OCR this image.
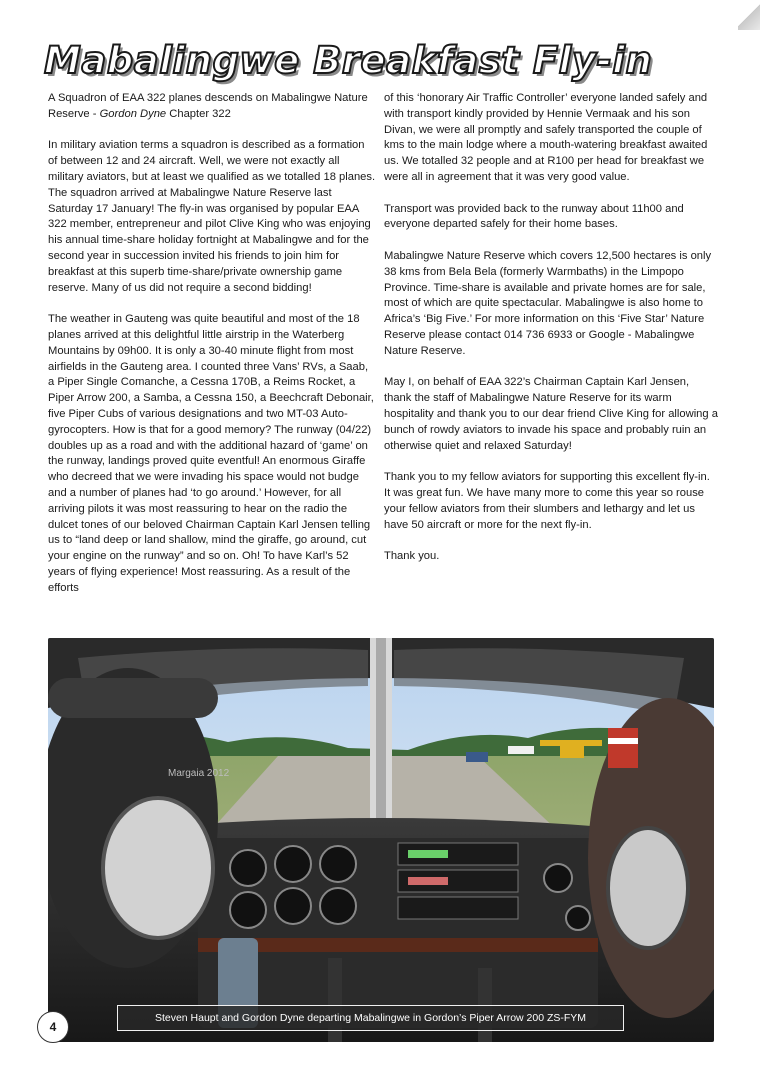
Mabalingwe Breakfast Fly-in

A Squadron of EAA 322 planes descends on Mabalingwe Nature Reserve - Gordon Dyne Chapter 322

In military aviation terms a squadron is described as a formation of between 12 and 24 aircraft. Well, we were not exactly all military aviators, but at least we qualified as we totalled 18 planes. The squadron arrived at Mabalingwe Nature Reserve last Saturday 17 January! The fly-in was organised by popular EAA 322 member, entrepreneur and pilot Clive King who was enjoying his annual time-share holiday fortnight at Mabalingwe and for the second year in succession invited his friends to join him for breakfast at this superb time-share/private ownership game reserve. Many of us did not require a second bidding!

The weather in Gauteng was quite beautiful and most of the 18 planes arrived at this delightful little airstrip in the Waterberg Mountains by 09h00. It is only a 30-40 minute flight from most airfields in the Gauteng area. I counted three Vans’ RVs, a Saab, a Piper Single Comanche, a Cessna 170B, a Reims Rocket, a Piper Arrow 200, a Samba, a Cessna 150, a Beechcraft Debonair, five Piper Cubs of various designations and two MT-03 Auto-gyrocopters. How is that for a good memory? The runway (04/22) doubles up as a road and with the additional hazard of ‘game’ on the runway, landings proved quite eventful! An enormous Giraffe who decreed that we were invading his space would not budge and a number of planes had ‘to go around.’ However, for all arriving pilots it was most reassuring to hear on the radio the dulcet tones of our beloved Chairman Captain Karl Jensen telling us to “land deep or land shallow, mind the giraffe, go around, cut your engine on the runway” and so on. Oh! To have Karl’s 52 years of flying experience! Most reassuring. As a result of the efforts

of this ‘honorary Air Traffic Controller’ everyone landed safely and with transport kindly provided by Hennie Vermaak and his son Divan, we were all promptly and safely transported the couple of kms to the main lodge where a mouth-watering breakfast awaited us. We totalled 32 people and at R100 per head for breakfast we were all in agreement that it was very good value.

Transport was provided back to the runway about 11h00 and everyone departed safely for their home bases.

Mabalingwe Nature Reserve which covers 12,500 hectares is only 38 kms from Bela Bela (formerly Warmbaths) in the Limpopo Province. Time-share is available and private homes are for sale, most of which are quite spectacular. Mabalingwe is also home to Africa’s ‘Big Five.’ For more information on this ‘Five Star’ Nature Reserve please contact 014 736 6933 or Google - Mabalingwe Nature Reserve.

May I, on behalf of EAA 322’s Chairman Captain Karl Jensen, thank the staff of Mabalingwe Nature Reserve for its warm hospitality and thank you to our dear friend Clive King for allowing a bunch of rowdy aviators to invade his space and probably ruin an otherwise quiet and relaxed Saturday!

Thank you to my fellow aviators for supporting this excellent fly-in. It was great fun. We have many more to come this year so rouse your fellow aviators from their slumbers and lethargy and let us have 50 aircraft or more for the next fly-in.

Thank you.

Margaia 2012
Steven Haupt and Gordon Dyne departing Mabalingwe in Gordon’s Piper Arrow 200 ZS-FYM
4
